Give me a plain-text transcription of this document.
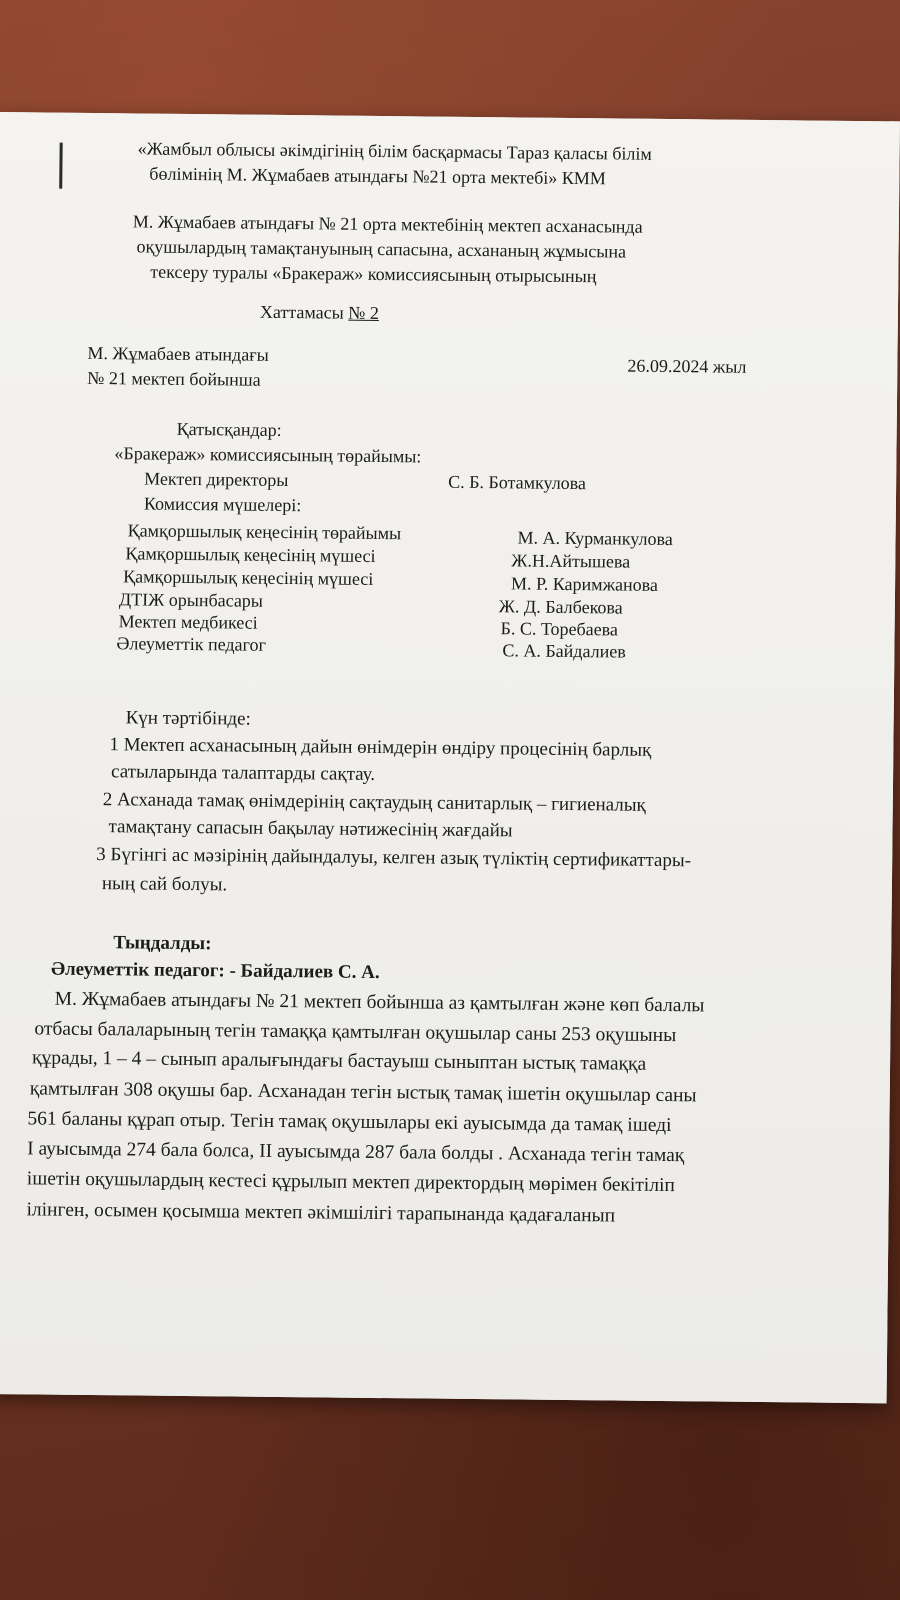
«Жамбыл облысы әкімдігінің білім басқармасы Тараз қаласы білім
бөлімінің М. Жұмабаев атындағы №21 орта мектебі» КММ
М. Жұмабаев атындағы № 21 орта мектебінің мектеп асханасында
оқушылардың тамақтануының сапасына, асхананың жұмысына
тексеру туралы «Бракераж» комиссиясының отырысының
Хаттамасы № 2
М. Жұмабаев атындағы
№ 21 мектеп бойынша
26.09.2024 жыл
Қатысқандар:
«Бракераж» комиссиясының төрайымы:
Мектеп директоры	С. Б. Ботамкулова
Комиссия мүшелері:
Қамқоршылық кеңесінің төрайымы	М. А. Курманкулова
Қамқоршылық кеңесінің мүшесі	Ж.Н.Айтышева
Қамқоршылық кеңесінің мүшесі	М. Р. Каримжанова
ДТІЖ орынбасары	Ж. Д. Балбекова
Мектеп медбикесі	Б. С. Торебаева
Әлеуметтік педагог	С. А. Байдалиев
Күн тәртібінде:
1 Мектеп асханасының дайын өнімдерін өндіру процесінің барлық
сатыларында талаптарды сақтау.
2 Асханада тамақ өнімдерінің сақтаудың санитарлық – гигиеналық
тамақтану сапасын бақылау нәтижесінің жағдайы
3 Бүгінгі ас мәзірінің дайындалуы, келген азық түліктің сертификаттары-
ның сай болуы.
Тыңдалды:
Әлеуметтік педагог: - Байдалиев С. А.
М. Жұмабаев атындағы № 21 мектеп бойынша аз қамтылған және көп балалы
отбасы балаларының тегін тамаққа қамтылған оқушылар саны 253 оқушыны
құрады, 1 – 4 – сынып аралығындағы бастауыш сыныптан ыстық тамаққа
қамтылған 308 оқушы бар. Асханадан тегін ыстық тамақ ішетін оқушылар саны
561 баланы құрап отыр. Тегін тамақ оқушылары екі ауысымда да тамақ ішеді
І ауысымда 274 бала болса, ІІ ауысымда 287 бала болды . Асханада тегін тамақ
ішетін оқушылардың кестесі құрылып мектеп директордың мөрімен бекітіліп
ілінген, осымен қосымша мектеп әкімшілігі тарапынанда қадағаланып
